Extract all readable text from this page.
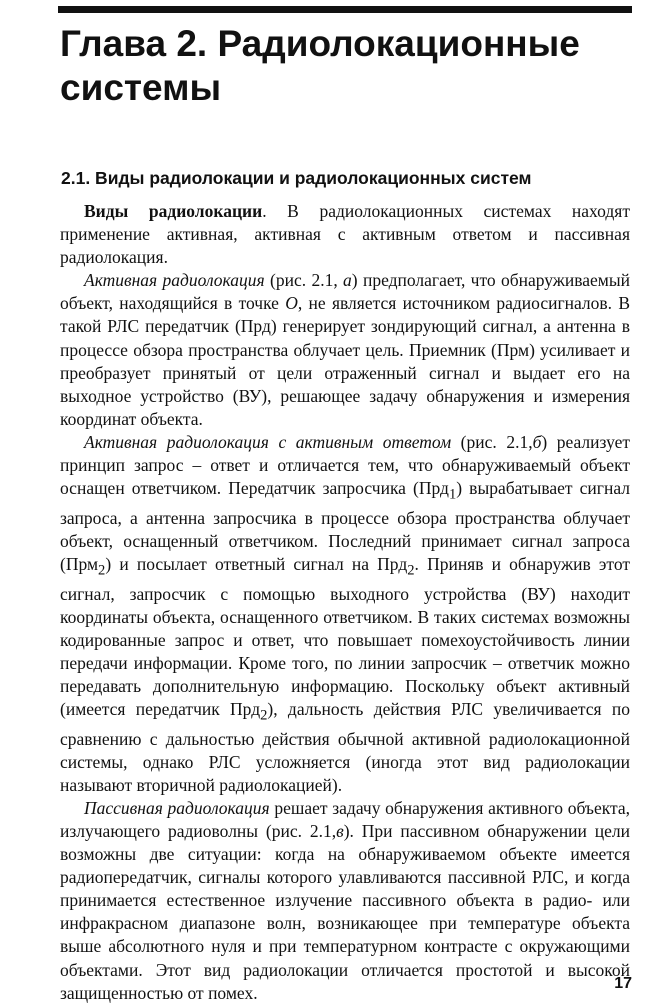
Глава 2. Радиолокационные системы
2.1. Виды радиолокации и радиолокационных систем

Виды радиолокации. В радиолокационных системах находят применение активная, активная с активным ответом и пассивная радиолокация.

Активная радиолокация (рис. 2.1, а) предполагает, что обнаруживаемый объект, находящийся в точке О, не является источником радиосигналов. В такой РЛС передатчик (Прд) генерирует зондирующий сигнал, а антенна в процессе обзора пространства облучает цель. Приемник (Прм) усиливает и преобразует принятый от цели отраженный сигнал и выдает его на выходное устройство (ВУ), решающее задачу обнаружения и измерения координат объекта.

Активная радиолокация с активным ответом (рис. 2.1,б) реализует принцип запрос – ответ и отличается тем, что обнаруживаемый объект оснащен ответчиком. Передатчик запросчика (Прд$_1$) вырабатывает сигнал запроса, а антенна запросчика в процессе обзора пространства облучает объект, оснащенный ответчиком. Последний принимает сигнал запроса (Прм$_2$) и посылает ответный сигнал на Прд$_2$. Приняв и обнаружив этот сигнал, запросчик с помощью выходного устройства (ВУ) находит координаты объекта, оснащенного ответчиком. В таких системах возможны кодированные запрос и ответ, что повышает помехоустойчивость линии передачи информации. Кроме того, по линии запросчик – ответчик можно передавать дополнительную информацию. Поскольку объект активный (имеется передатчик Прд$_2$), дальность действия РЛС увеличивается по сравнению с дальностью действия обычной активной радиолокационной системы, однако РЛС усложняется (иногда этот вид радиолокации называют вторичной радиолокацией).

Пассивная радиолокация решает задачу обнаружения активного объекта, излучающего радиоволны (рис. 2.1,в). При пассивном обнаружении цели возможны две ситуации: когда на обнаруживаемом объекте имеется радиопередатчик, сигналы которого улавливаются пассивной РЛС, и когда принимается естественное излучение пассивного объекта в радио- или инфракрасном диапазоне волн, возникающее при температуре объекта выше абсолютного нуля и при температурном контрасте с окружающими объектами. Этот вид радиолокации отличается простотой и высокой защищенностью от помех.	17
